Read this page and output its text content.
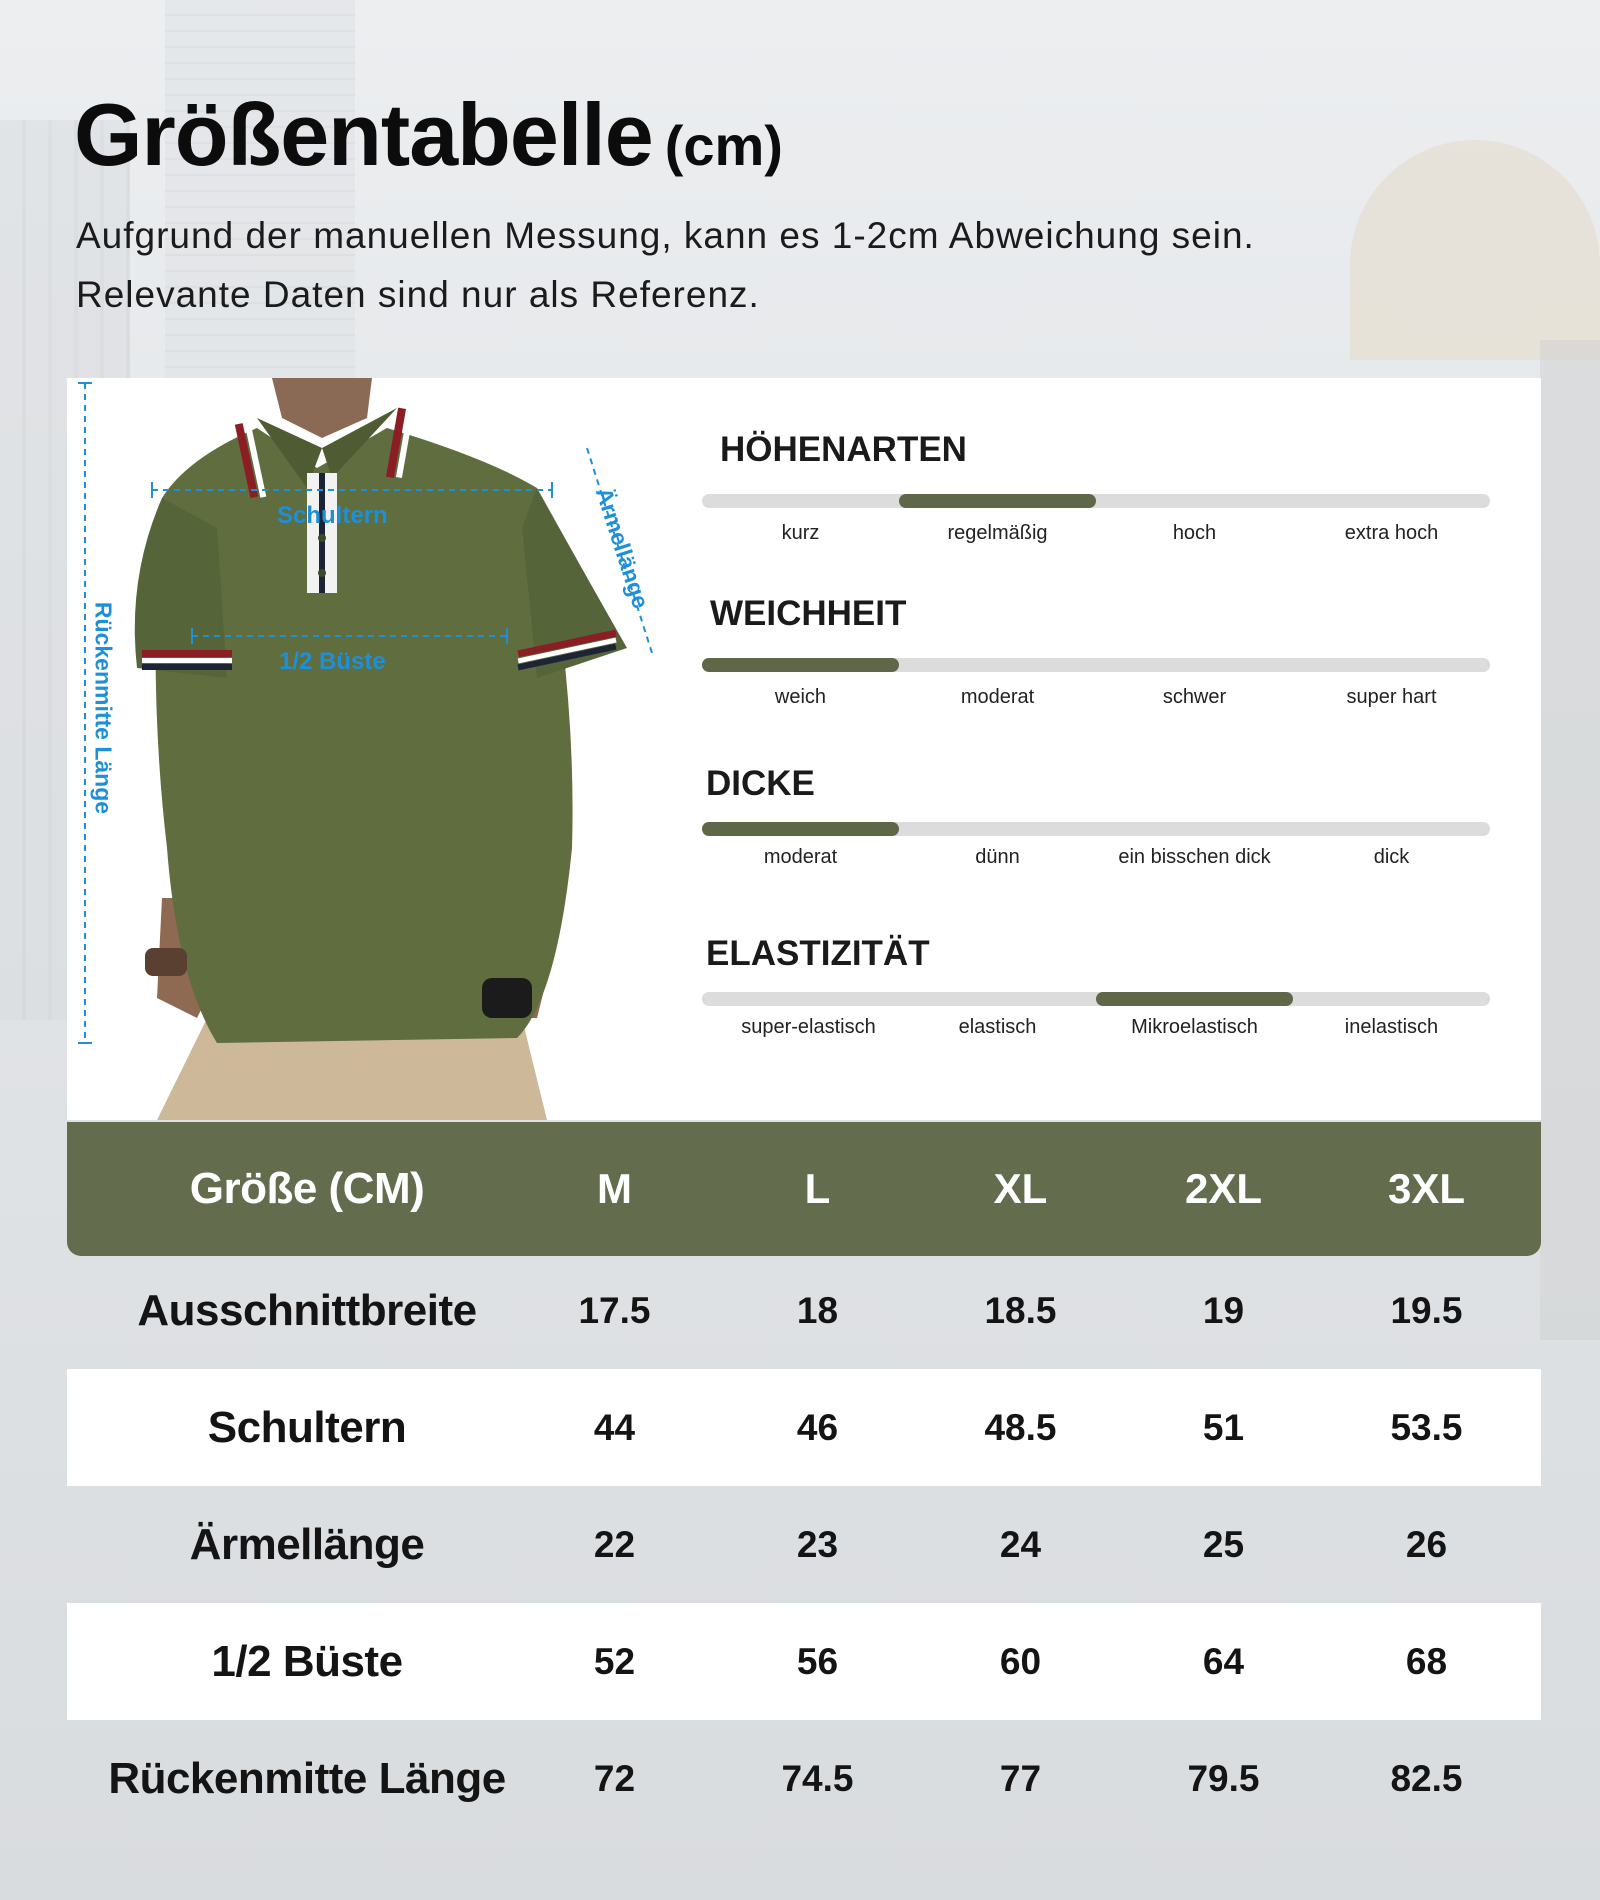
Größentabelle (cm)
Aufgrund der manuellen Messung, kann es 1-2cm Abweichung sein.
Relevante Daten sind nur als Referenz.
Schultern
1/2 Büste
Ärmellänge
Rückenmitte Länge
HÖHENARTEN
kurz	regelmäßig	hoch	extra hoch
WEICHHEIT
weich	moderat	schwer	super hart
DICKE
moderat	dünn	ein bisschen dick	dick
ELASTIZITÄT
super-elastisch	elastisch	Mikroelastisch	inelastisch
Größe (CM)	M	L	XL	2XL	3XL
Ausschnittbreite	17.5	18	18.5	19	19.5
Schultern	44	46	48.5	51	53.5
Ärmellänge	22	23	24	25	26
1/2 Büste	52	56	60	64	68
Rückenmitte Länge	72	74.5	77	79.5	82.5
